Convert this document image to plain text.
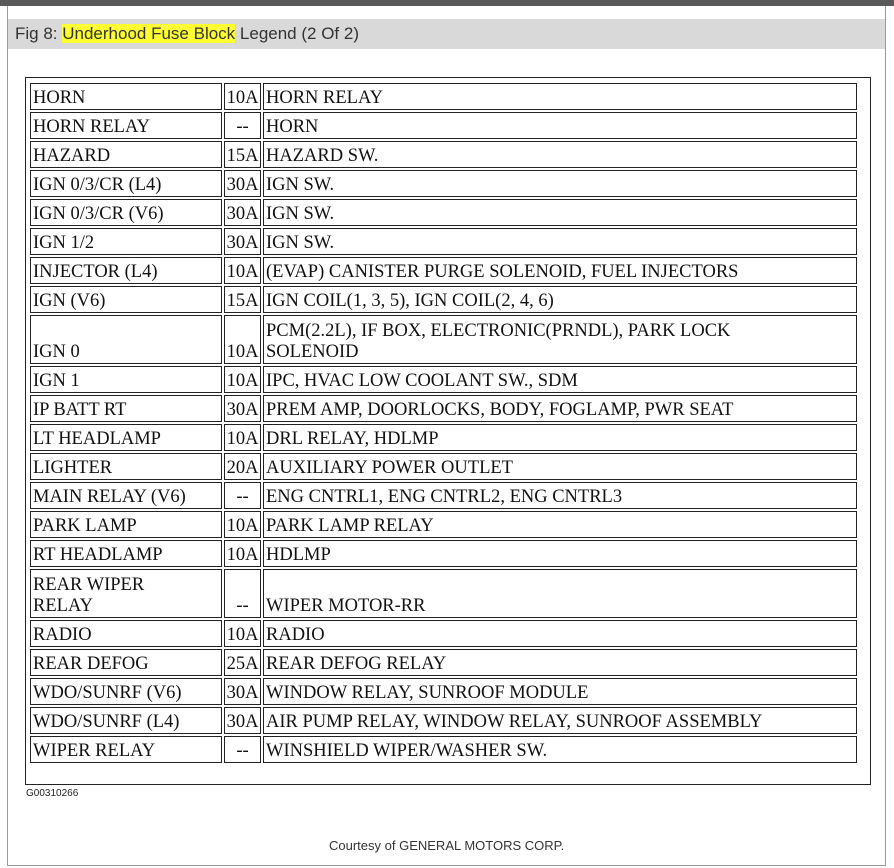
Fig 8: Underhood Fuse Block Legend (2 Of 2)
HORN	10A	HORN RELAY
HORN RELAY	--	HORN
HAZARD	15A	HAZARD SW.
IGN 0/3/CR (L4)	30A	IGN SW.
IGN 0/3/CR (V6)	30A	IGN SW.
IGN 1/2	30A	IGN SW.
INJECTOR (L4)	10A	(EVAP) CANISTER PURGE SOLENOID, FUEL INJECTORS
IGN (V6)	15A	IGN COIL(1, 3, 5), IGN COIL(2, 4, 6)
IGN 0	10A	PCM(2.2L), IF BOX, ELECTRONIC(PRNDL), PARK LOCK
SOLENOID
IGN 1	10A	IPC, HVAC LOW COOLANT SW., SDM
IP BATT RT	30A	PREM AMP, DOORLOCKS, BODY, FOGLAMP, PWR SEAT
LT HEADLAMP	10A	DRL RELAY, HDLMP
LIGHTER	20A	AUXILIARY POWER OUTLET
MAIN RELAY (V6)	--	ENG CNTRL1, ENG CNTRL2, ENG CNTRL3
PARK LAMP	10A	PARK LAMP RELAY
RT HEADLAMP	10A	HDLMP
REAR WIPER
RELAY	--	WIPER MOTOR-RR
RADIO	10A	RADIO
REAR DEFOG	25A	REAR DEFOG RELAY
WDO/SUNRF (V6)	30A	WINDOW RELAY, SUNROOF MODULE
WDO/SUNRF (L4)	30A	AIR PUMP RELAY, WINDOW RELAY, SUNROOF ASSEMBLY
WIPER RELAY	--	WINSHIELD WIPER/WASHER SW.
G00310266
Courtesy of GENERAL MOTORS CORP.
